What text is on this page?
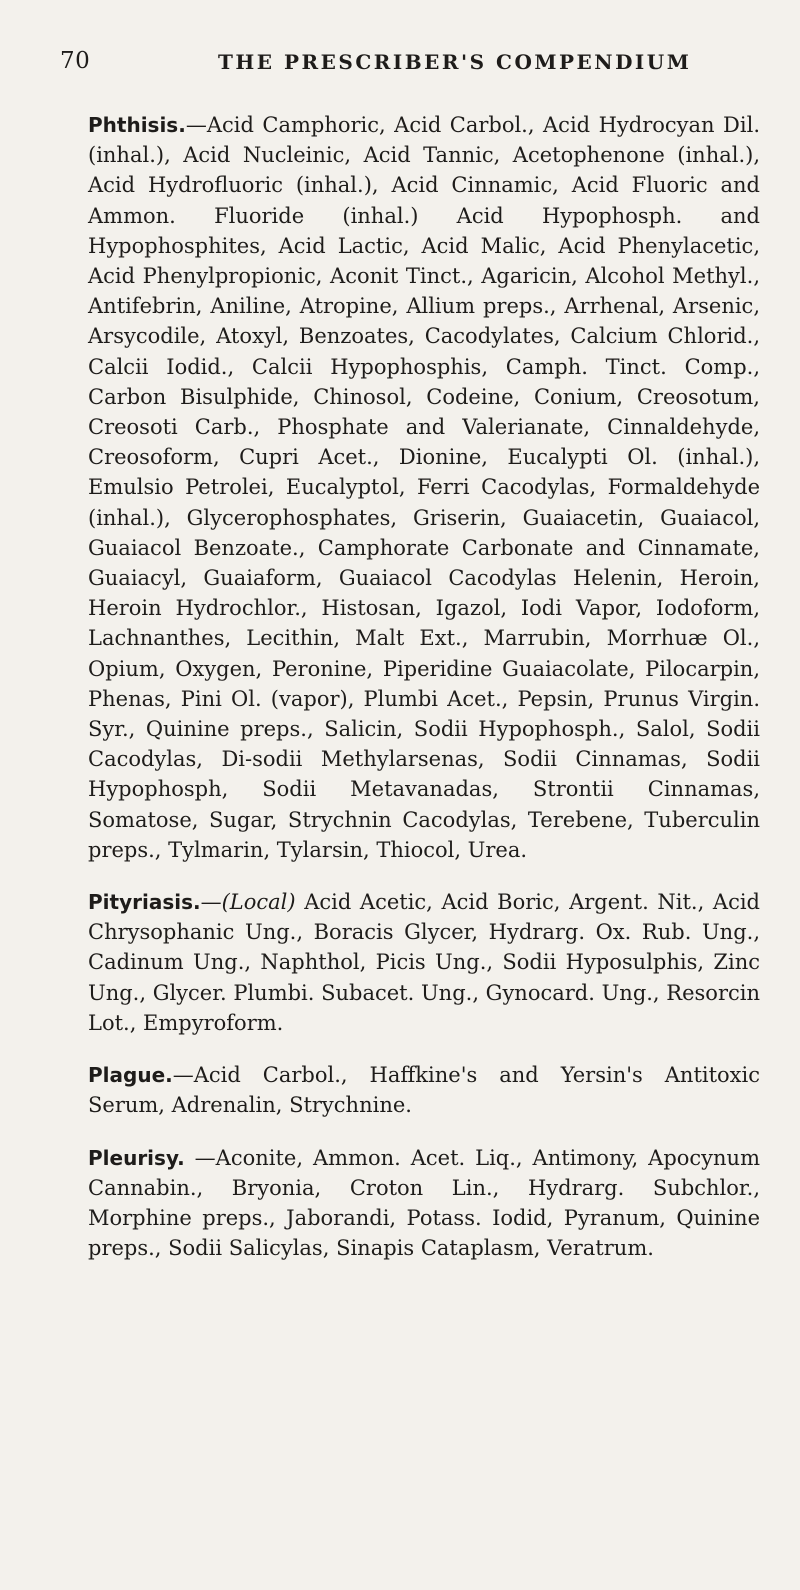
70	THE PRESCRIBER'S COMPENDIUM

Phthisis.—Acid Camphoric, Acid Carbol., Acid Hydrocyan Dil. (inhal.), Acid Nucleinic, Acid Tannic, Acetophenone (inhal.), Acid Hydrofluoric (inhal.), Acid Cinnamic, Acid Fluoric and Ammon. Fluoride (inhal.) Acid Hypophosph. and Hypophosphites, Acid Lactic, Acid Malic, Acid Phenylacetic, Acid Phenylpropionic, Aconit Tinct., Agaricin, Alcohol Methyl., Antifebrin, Aniline, Atropine, Allium preps., Arrhenal, Arsenic, Arsycodile, Atoxyl, Benzoates, Cacodylates, Calcium Chlorid., Calcii Iodid., Calcii Hypophosphis, Camph. Tinct. Comp., Carbon Bisulphide, Chinosol, Codeine, Conium, Creosotum, Creosoti Carb., Phosphate and Valerianate, Cinnaldehyde, Creosoform, Cupri Acet., Dionine, Eucalypti Ol. (inhal.), Emulsio Petrolei, Eucalyptol, Ferri Cacodylas, Formaldehyde (inhal.), Glycerophosphates, Griserin, Guaiacetin, Guaiacol, Guaiacol Benzoate., Camphorate Carbonate and Cinnamate, Guaiacyl, Guaiaform, Guaiacol Cacodylas Helenin, Heroin, Heroin Hydrochlor., Histosan, Igazol, Iodi Vapor, Iodoform, Lachnanthes, Lecithin, Malt Ext., Marrubin, Morrhuæ Ol., Opium, Oxygen, Peronine, Piperidine Guaiacolate, Pilocarpin, Phenas, Pini Ol. (vapor), Plumbi Acet., Pepsin, Prunus Virgin. Syr., Quinine preps., Salicin, Sodii Hypophosph., Salol, Sodii Cacodylas, Di-sodii Methylarsenas, Sodii Cinnamas, Sodii Hypophosph, Sodii Metavanadas, Strontii Cinnamas, Somatose, Sugar, Strychnin Cacodylas, Terebene, Tuberculin preps., Tylmarin, Tylarsin, Thiocol, Urea.

Pityriasis.—(Local) Acid Acetic, Acid Boric, Argent. Nit., Acid Chrysophanic Ung., Boracis Glycer, Hydrarg. Ox. Rub. Ung., Cadinum Ung., Naphthol, Picis Ung., Sodii Hyposulphis, Zinc Ung., Glycer. Plumbi. Subacet. Ung., Gynocard. Ung., Resorcin Lot., Empyroform.

Plague.—Acid Carbol., Haffkine's and Yersin's Antitoxic Serum, Adrenalin, Strychnine.

Pleurisy. —Aconite, Ammon. Acet. Liq., Antimony, Apocynum Cannabin., Bryonia, Croton Lin., Hydrarg. Subchlor., Morphine preps., Jaborandi, Potass. Iodid, Pyranum, Quinine preps., Sodii Salicylas, Sinapis Cataplasm, Veratrum.
